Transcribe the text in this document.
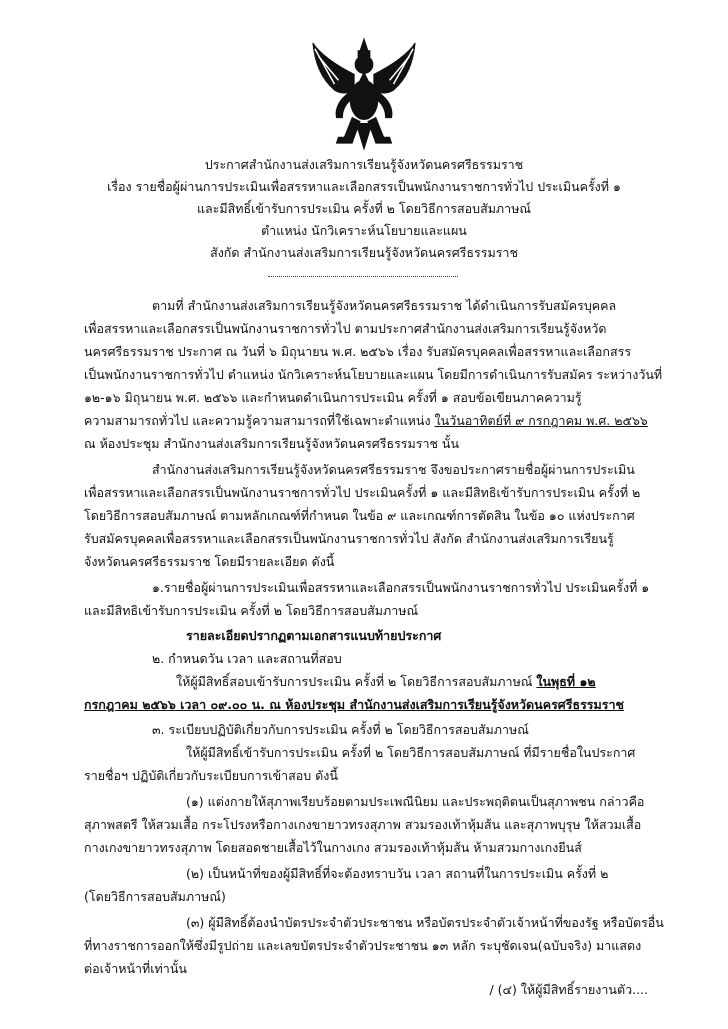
ประกาศสำนักงานส่งเสริมการเรียนรู้จังหวัดนครศรีธรรมราช
เรื่อง รายชื่อผู้ผ่านการประเมินเพื่อสรรหาและเลือกสรรเป็นพนักงานราชการทั่วไป ประเมินครั้งที่ ๑
และมีสิทธิ์เข้ารับการประเมิน ครั้งที่ ๒ โดยวิธีการสอบสัมภาษณ์
ตำแหน่ง นักวิเคราะห์นโยบายและแผน
สังกัด สำนักงานส่งเสริมการเรียนรู้จังหวัดนครศรีธรรมราช
ตามที่ สำนักงานส่งเสริมการเรียนรู้จังหวัดนครศรีธรรมราช ได้ดำเนินการรับสมัครบุคคล
เพื่อสรรหาและเลือกสรรเป็นพนักงานราชการทั่วไป ตามประกาศสำนักงานส่งเสริมการเรียนรู้จังหวัด
นครศรีธรรมราช ประกาศ ณ วันที่ ๖ มิถุนายน พ.ศ. ๒๕๖๖ เรื่อง รับสมัครบุคคลเพื่อสรรหาและเลือกสรร
เป็นพนักงานราชการทั่วไป ตำแหน่ง นักวิเคราะห์นโยบายและแผน โดยมีการดำเนินการรับสมัคร ระหว่างวันที่
๑๒-๑๖ มิถุนายน พ.ศ. ๒๕๖๖ และกำหนดดำเนินการประเมิน ครั้งที่ ๑ สอบข้อเขียนภาคความรู้
ความสามารถทั่วไป และความรู้ความสามารถที่ใช้เฉพาะตำแหน่ง ในวันอาทิตย์ที่ ๙ กรกฎาคม พ.ศ. ๒๕๖๖
ณ ห้องประชุม สำนักงานส่งเสริมการเรียนรู้จังหวัดนครศรีธรรมราช นั้น
สำนักงานส่งเสริมการเรียนรู้จังหวัดนครศรีธรรมราช จึงขอประกาศรายชื่อผู้ผ่านการประเมิน
เพื่อสรรหาและเลือกสรรเป็นพนักงานราชการทั่วไป ประเมินครั้งที่ ๑ และมีสิทธิเข้ารับการประเมิน ครั้งที่ ๒
โดยวิธีการสอบสัมภาษณ์ ตามหลักเกณฑ์ที่กำหนด ในข้อ ๙ และเกณฑ์การตัดสิน ในข้อ ๑๐ แห่งประกาศ
รับสมัครบุคคลเพื่อสรรหาและเลือกสรรเป็นพนักงานราชการทั่วไป สังกัด สำนักงานส่งเสริมการเรียนรู้
จังหวัดนครศรีธรรมราช โดยมีรายละเอียด ดังนี้
๑.รายชื่อผู้ผ่านการประเมินเพื่อสรรหาและเลือกสรรเป็นพนักงานราชการทั่วไป ประเมินครั้งที่ ๑
และมีสิทธิเข้ารับการประเมิน ครั้งที่ ๒ โดยวิธีการสอบสัมภาษณ์
รายละเอียดปรากฏตามเอกสารแนบท้ายประกาศ
๒. กำหนดวัน เวลา และสถานที่สอบ
ให้ผู้มีสิทธิ์สอบเข้ารับการประเมิน ครั้งที่ ๒ โดยวิธีการสอบสัมภาษณ์ ในพุธที่ ๑๒
กรกฎาคม ๒๕๖๖ เวลา ๐๙.๐๐ น. ณ ห้องประชุม สำนักงานส่งเสริมการเรียนรู้จังหวัดนครศรีธรรมราช
๓. ระเบียบปฏิบัติเกี่ยวกับการประเมิน ครั้งที่ ๒ โดยวิธีการสอบสัมภาษณ์
ให้ผู้มีสิทธิ์เข้ารับการประเมิน ครั้งที่ ๒ โดยวิธีการสอบสัมภาษณ์ ที่มีรายชื่อในประกาศ
รายชื่อฯ ปฏิบัติเกี่ยวกับระเบียบการเข้าสอบ ดังนี้
(๑) แต่งกายให้สุภาพเรียบร้อยตามประเพณีนิยม และประพฤติตนเป็นสุภาพชน กล่าวคือ
สุภาพสตรี ให้สวมเสื้อ กระโปรงหรือกางเกงขายาวทรงสุภาพ สวมรองเท้าหุ้มส้น และสุภาพบุรุษ ให้สวมเสื้อ
กางเกงขายาวทรงสุภาพ โดยสอดชายเสื้อไว้ในกางเกง สวมรองเท้าหุ้มส้น ห้ามสวมกางเกงยีนส์
(๒) เป็นหน้าที่ของผู้มีสิทธิ์ที่จะต้องทราบวัน เวลา สถานที่ในการประเมิน ครั้งที่ ๒
(โดยวิธีการสอบสัมภาษณ์)
(๓) ผู้มีสิทธิ์ต้องนำบัตรประจำตัวประชาชน หรือบัตรประจำตัวเจ้าหน้าที่ของรัฐ หรือบัตรอื่น
ที่ทางราชการออกให้ซึ่งมีรูปถ่าย และเลขบัตรประจำตัวประชาชน ๑๓ หลัก ระบุชัดเจน(ฉบับจริง) มาแสดง
ต่อเจ้าหน้าที่เท่านั้น
/ (๔) ให้ผู้มีสิทธิ์รายงานตัว....
